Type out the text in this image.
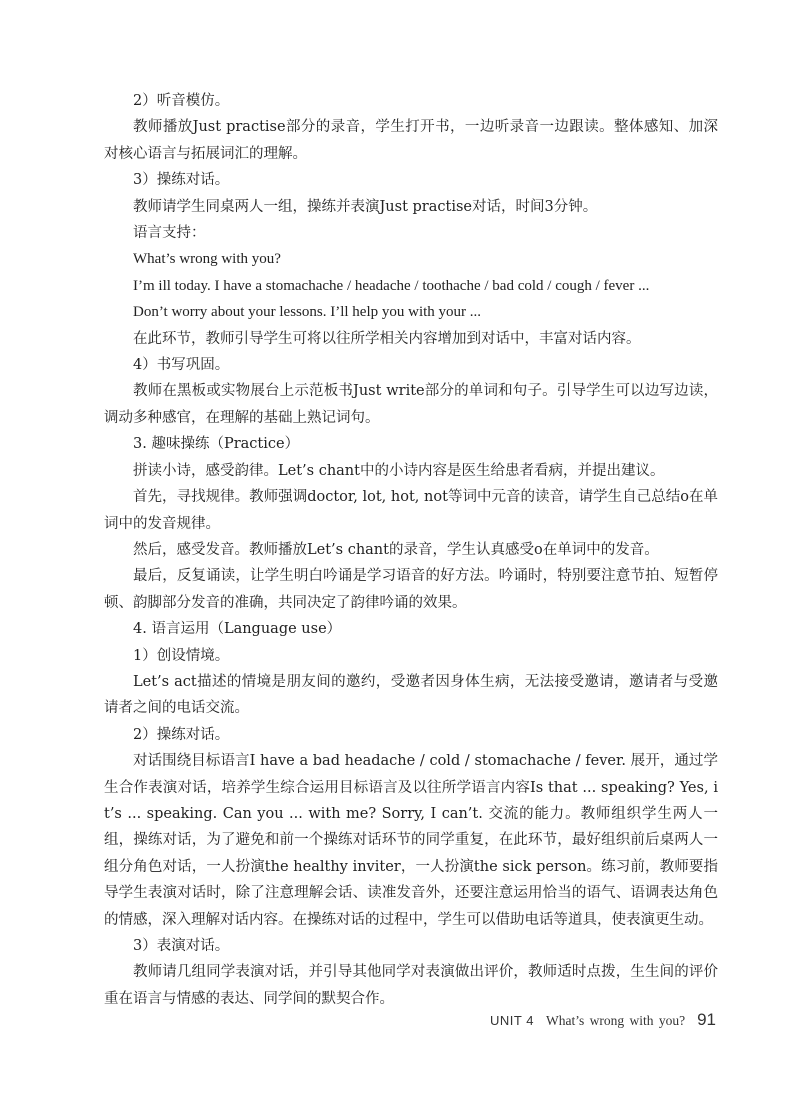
2）听音模仿。

教师播放Just practise部分的录音，学生打开书，一边听录音一边跟读。整体感知、加深对核心语言与拓展词汇的理解。

3）操练对话。

教师请学生同桌两人一组，操练并表演Just practise对话，时间3分钟。

语言支持：

What’s wrong with you?

I’m ill today. I have a stomachache / headache / toothache / bad cold / cough / fever ...

Don’t worry about your lessons. I’ll help you with your ...

在此环节，教师引导学生可将以往所学相关内容增加到对话中，丰富对话内容。

4）书写巩固。

教师在黑板或实物展台上示范板书Just write部分的单词和句子。引导学生可以边写边读，调动多种感官，在理解的基础上熟记词句。

3. 趣味操练（Practice）

拼读小诗，感受韵律。Let’s chant中的小诗内容是医生给患者看病，并提出建议。

首先，寻找规律。教师强调doctor, lot, hot, not等词中元音的读音，请学生自己总结o在单词中的发音规律。

然后，感受发音。教师播放Let’s chant的录音，学生认真感受o在单词中的发音。

最后，反复诵读，让学生明白吟诵是学习语音的好方法。吟诵时，特别要注意节拍、短暂停顿、韵脚部分发音的准确，共同决定了韵律吟诵的效果。

4. 语言运用（Language use）

1）创设情境。

Let’s act描述的情境是朋友间的邀约，受邀者因身体生病，无法接受邀请，邀请者与受邀请者之间的电话交流。

2）操练对话。

对话围绕目标语言I have a bad headache / cold / stomachache / fever. 展开，通过学生合作表演对话，培养学生综合运用目标语言及以往所学语言内容Is that ... speaking? Yes, it’s ... speaking. Can you ... with me? Sorry, I can’t. 交流的能力。教师组织学生两人一组，操练对话，为了避免和前一个操练对话环节的同学重复，在此环节，最好组织前后桌两人一组分角色对话，一人扮演the healthy inviter，一人扮演the sick person。练习前，教师要指导学生表演对话时，除了注意理解会话、读准发音外，还要注意运用恰当的语气、语调表达角色的情感，深入理解对话内容。在操练对话的过程中，学生可以借助电话等道具，使表演更生动。

3）表演对话。

教师请几组同学表演对话，并引导其他同学对表演做出评价，教师适时点拨，生生间的评价重在语言与情感的表达、同学间的默契合作。

UNIT 4 What’s wrong with you? 91
